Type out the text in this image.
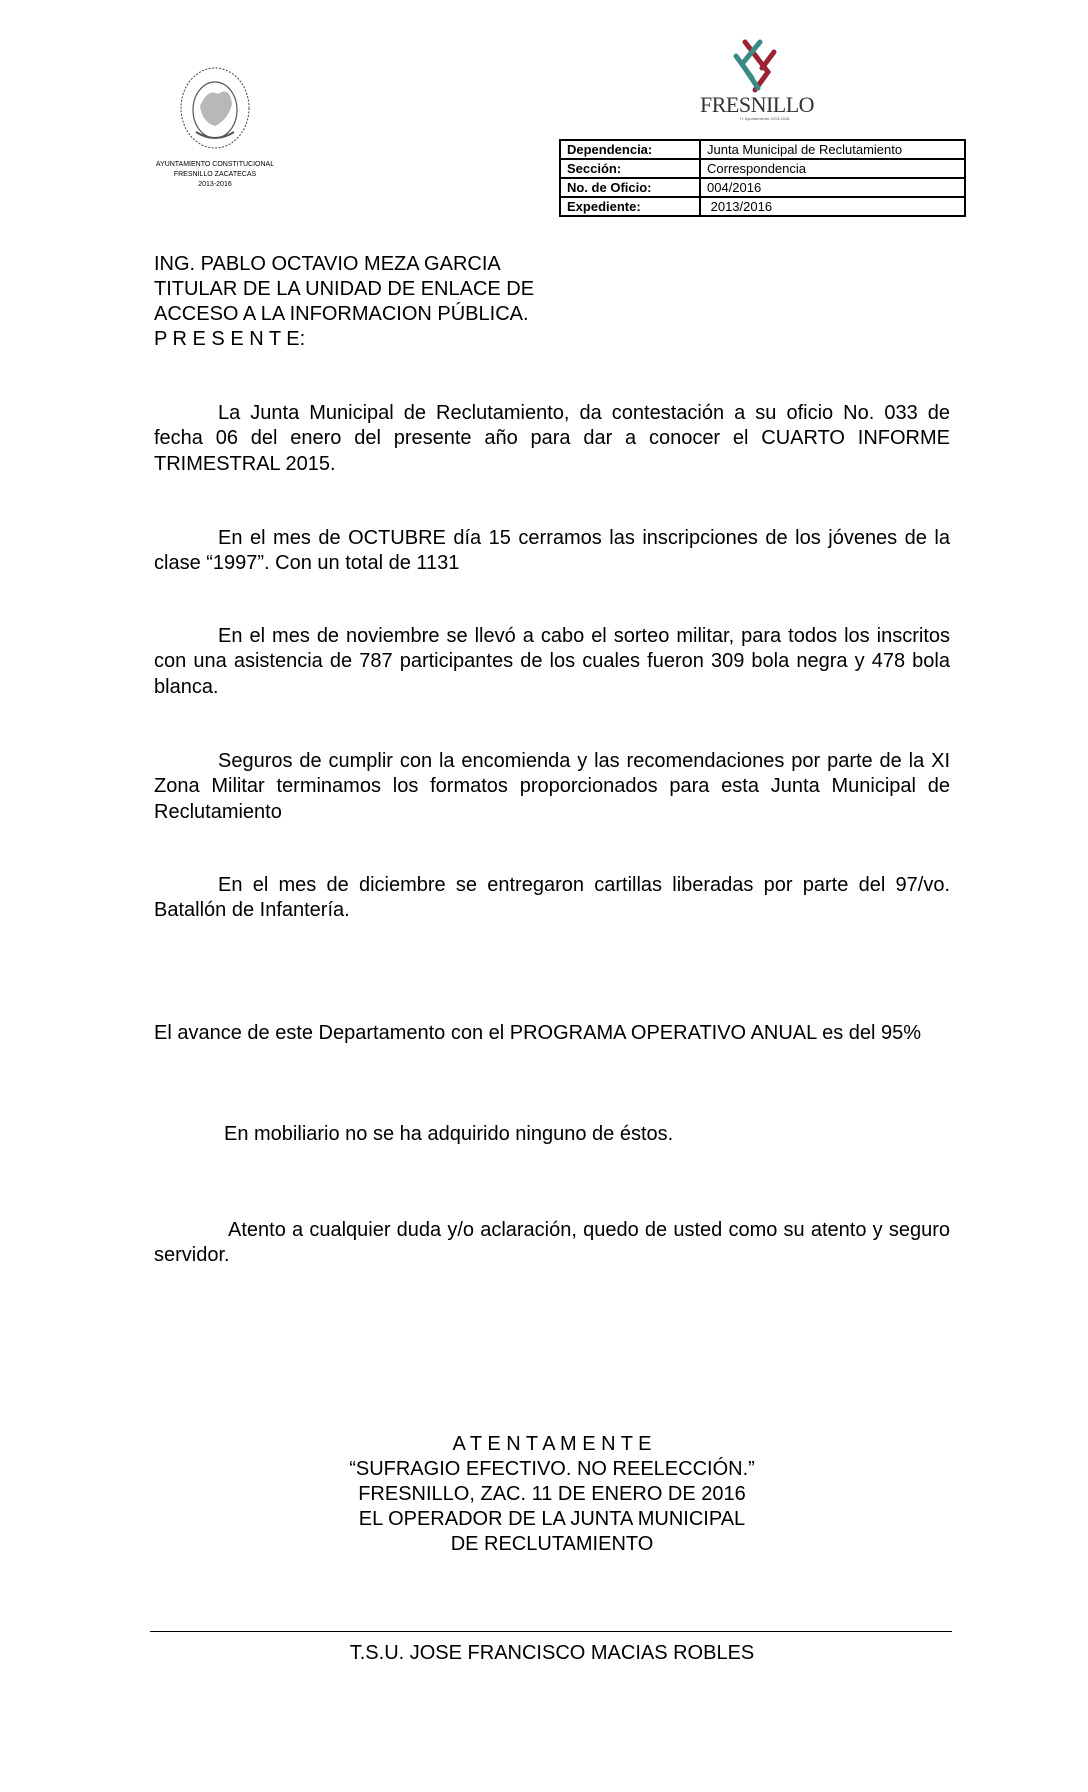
AYUNTAMIENTO CONSTITUCIONAL
FRESNILLO ZACATECAS
2013-2016
FRESNILLO
H. Ayuntamiento 2013-2016
Dependencia:	Junta Municipal de Reclutamiento
Sección:	Correspondencia
No. de Oficio:	004/2016
Expediente:	2013/2016
ING. PABLO OCTAVIO MEZA GARCIA
TITULAR DE LA UNIDAD DE ENLACE DE
ACCESO A LA INFORMACION PÚBLICA.
P R E S E N T E:
La Junta Municipal de Reclutamiento, da contestación a su oficio No. 033 de fecha 06 del enero del presente año para dar a conocer el CUARTO INFORME TRIMESTRAL 2015.
En el mes de OCTUBRE día 15 cerramos las inscripciones de los jóvenes de la clase “1997”. Con un total de 1131
En el mes de noviembre se llevó a cabo el sorteo militar, para todos los inscritos con una asistencia de 787 participantes de los cuales fueron 309 bola negra y 478 bola blanca.
Seguros de cumplir con la encomienda y las recomendaciones por parte de la XI Zona Militar terminamos los formatos proporcionados para esta Junta Municipal de Reclutamiento
En el mes de diciembre se entregaron cartillas liberadas por parte del 97/vo. Batallón de Infantería.
El avance de este Departamento con el PROGRAMA OPERATIVO ANUAL es del 95%
En mobiliario no se ha adquirido ninguno de éstos.
Atento a cualquier duda y/o aclaración, quedo de usted como su atento y seguro servidor.
A T E N T A M E N T E
“SUFRAGIO EFECTIVO. NO REELECCIÓN.”
FRESNILLO, ZAC. 11 DE ENERO DE 2016
EL OPERADOR DE LA JUNTA MUNICIPAL
DE RECLUTAMIENTO
T.S.U. JOSE FRANCISCO MACIAS ROBLES
